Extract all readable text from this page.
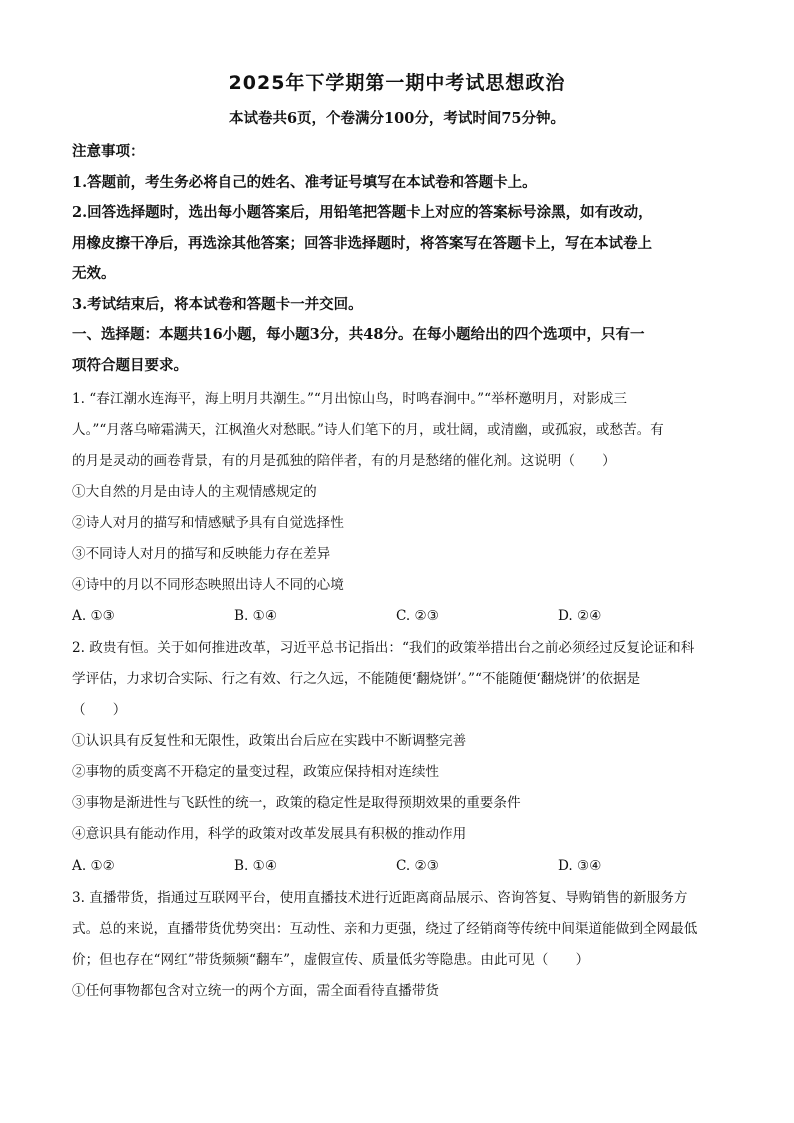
2025年下学期第一期中考试思想政治
本试卷共6页，个卷满分100分，考试时间75分钟。
注意事项：
1.答题前，考生务必将自己的姓名、准考证号填写在本试卷和答题卡上。
2.回答选择题时，选出每小题答案后，用铅笔把答题卡上对应的答案标号涂黑，如有改动，
用橡皮擦干净后，再选涂其他答案；回答非选择题时，将答案写在答题卡上，写在本试卷上
无效。
3.考试结束后，将本试卷和答题卡一并交回。
一、选择题：本题共16小题，每小题3分，共48分。在每小题给出的四个选项中，只有一
项符合题目要求。
1. “春江潮水连海平，海上明月共潮生。”“月出惊山鸟，时鸣春涧中。”“举杯邀明月，对影成三
人。”“月落乌啼霜满天，江枫渔火对愁眠。”诗人们笔下的月，或壮阔，或清幽，或孤寂，或愁苦。有
的月是灵动的画卷背景，有的月是孤独的陪伴者，有的月是愁绪的催化剂。这说明（　　）
①大自然的月是由诗人的主观情感规定的
②诗人对月的描写和情感赋予具有自觉选择性
③不同诗人对月的描写和反映能力存在差异
④诗中的月以不同形态映照出诗人不同的心境
A. ①③	B. ①④	C. ②③	D. ②④
2. 政贵有恒。关于如何推进改革，习近平总书记指出：“我们的政策举措出台之前必须经过反复论证和科
学评估，力求切合实际、行之有效、行之久远，不能随便‘翻烧饼’。”“不能随便‘翻烧饼’的依据是
（　　）
①认识具有反复性和无限性，政策出台后应在实践中不断调整完善
②事物的质变离不开稳定的量变过程，政策应保持相对连续性
③事物是渐进性与飞跃性的统一，政策的稳定性是取得预期效果的重要条件
④意识具有能动作用，科学的政策对改革发展具有积极的推动作用
A. ①②	B. ①④	C. ②③	D. ③④
3. 直播带货，指通过互联网平台，使用直播技术进行近距离商品展示、咨询答复、导购销售的新服务方
式。总的来说，直播带货优势突出：互动性、亲和力更强，绕过了经销商等传统中间渠道能做到全网最低
价；但也存在“网红”带货频频“翻车”，虚假宣传、质量低劣等隐患。由此可见（　　）
①任何事物都包含对立统一的两个方面，需全面看待直播带货
